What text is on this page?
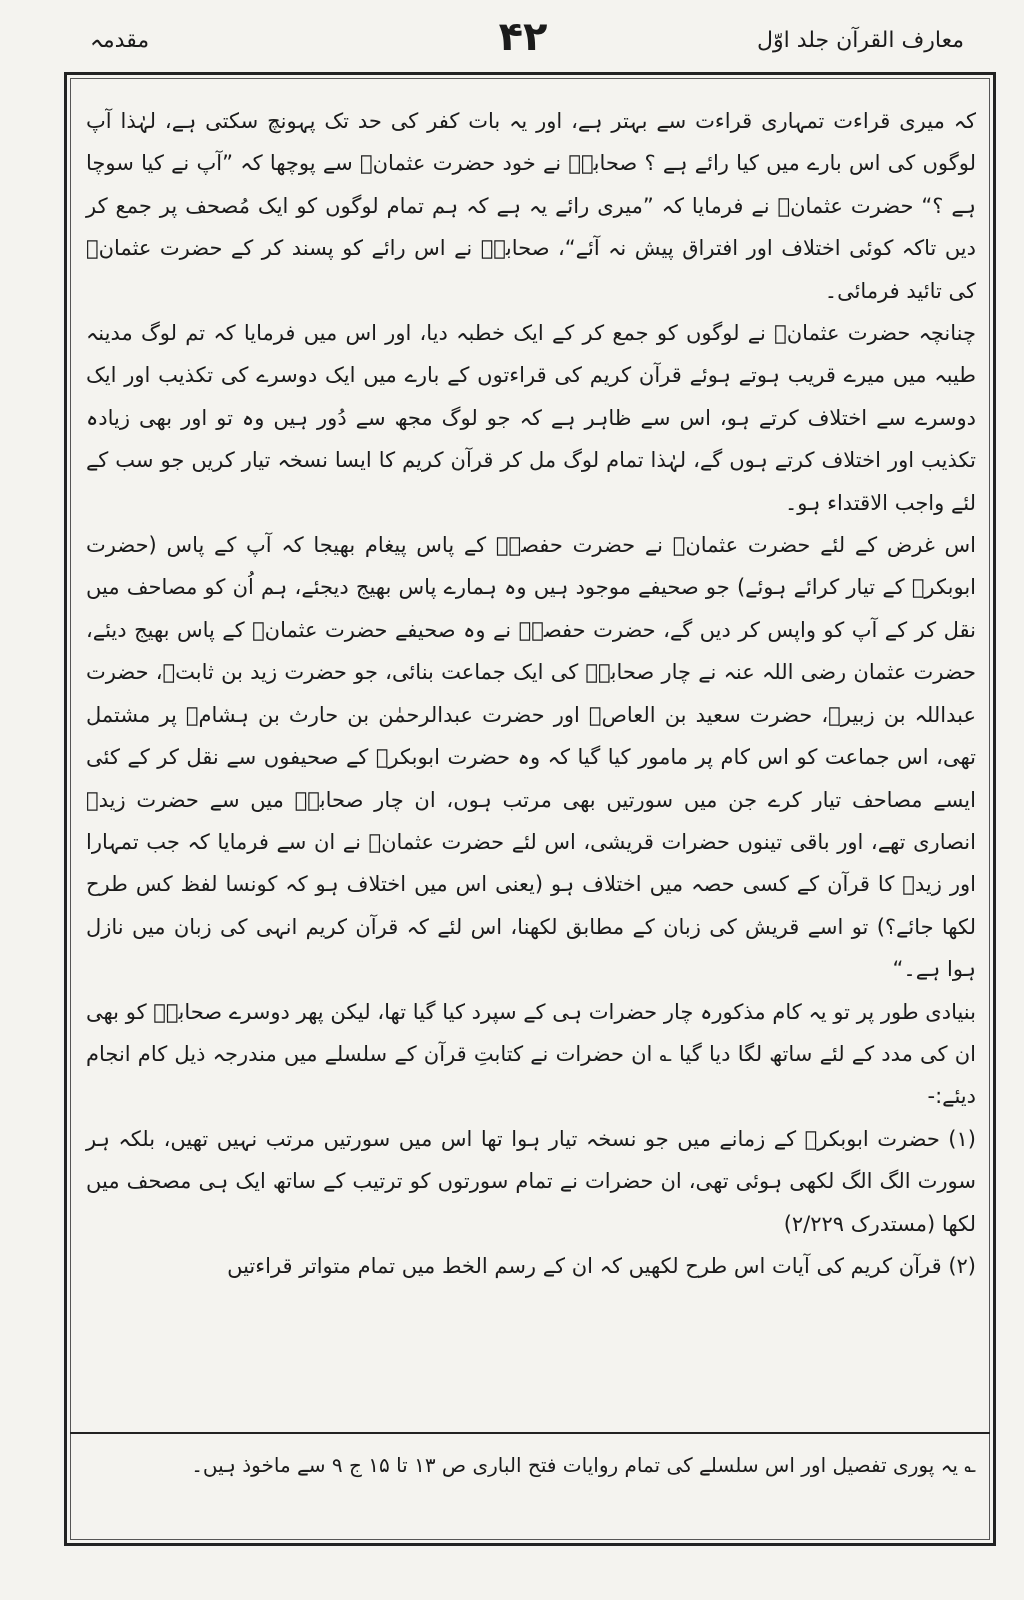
مقدمہ	۴۲	معارف القرآن جلد اوّل

کہ میری قراءت تمہاری قراءت سے بہتر ہے، اور یہ بات کفر کی حد تک پہونچ سکتی ہے، لہٰذا آپ لوگوں کی اس بارے میں کیا رائے ہے ؟ صحابہؓ نے خود حضرت عثمانؓ سے پوچھا کہ ”آپ نے کیا سوچا ہے ؟“ حضرت عثمانؓ نے فرمایا کہ ”میری رائے یہ ہے کہ ہم تمام لوگوں کو ایک مُصحف پر جمع کر دیں تاکہ کوئی اختلاف اور افتراق پیش نہ آئے“، صحابہؓ نے اس رائے کو پسند کر کے حضرت عثمانؓ کی تائید فرمائی۔

چنانچہ حضرت عثمانؓ نے لوگوں کو جمع کر کے ایک خطبہ دیا، اور اس میں فرمایا کہ تم لوگ مدینہ طیبہ میں میرے قریب ہوتے ہوئے قرآن کریم کی قراءتوں کے بارے میں ایک دوسرے کی تکذیب اور ایک دوسرے سے اختلاف کرتے ہو، اس سے ظاہر ہے کہ جو لوگ مجھ سے دُور ہیں وہ تو اور بھی زیادہ تکذیب اور اختلاف کرتے ہوں گے، لہٰذا تمام لوگ مل کر قرآن کریم کا ایسا نسخہ تیار کریں جو سب کے لئے واجب الاقتداء ہو۔

اس غرض کے لئے حضرت عثمانؓ نے حضرت حفصہؓ کے پاس پیغام بھیجا کہ آپ کے پاس (حضرت ابوبکرؓ کے تیار کرائے ہوئے) جو صحیفے موجود ہیں وہ ہمارے پاس بھیج دیجئے، ہم اُن کو مصاحف میں نقل کر کے آپ کو واپس کر دیں گے، حضرت حفصہؓ نے وہ صحیفے حضرت عثمانؓ کے پاس بھیج دیئے، حضرت عثمان رضی اللہ عنہ نے چار صحابہؓ کی ایک جماعت بنائی، جو حضرت زید بن ثابتؓ، حضرت عبداللہ بن زبیرؓ، حضرت سعید بن العاصؓ اور حضرت عبدالرحمٰن بن حارث بن ہشامؓ پر مشتمل تھی، اس جماعت کو اس کام پر مامور کیا گیا کہ وہ حضرت ابوبکرؓ کے صحیفوں سے نقل کر کے کئی ایسے مصاحف تیار کرے جن میں سورتیں بھی مرتب ہوں، ان چار صحابہؓ میں سے حضرت زیدؓ انصاری تھے، اور باقی تینوں حضرات قریشی، اس لئے حضرت عثمانؓ نے ان سے فرمایا کہ جب تمہارا اور زیدؓ کا قرآن کے کسی حصہ میں اختلاف ہو (یعنی اس میں اختلاف ہو کہ کونسا لفظ کس طرح لکھا جائے؟) تو اسے قریش کی زبان کے مطابق لکھنا، اس لئے کہ قرآن کریم انہی کی زبان میں نازل ہوا ہے۔“

بنیادی طور پر تو یہ کام مذکورہ چار حضرات ہی کے سپرد کیا گیا تھا، لیکن پھر دوسرے صحابہؓ کو بھی ان کی مدد کے لئے ساتھ لگا دیا گیا ؎ ان حضرات نے کتابتِ قرآن کے سلسلے میں مندرجہ ذیل کام انجام دیئے:-

(۱) حضرت ابوبکرؓ کے زمانے میں جو نسخہ تیار ہوا تھا اس میں سورتیں مرتب نہیں تھیں، بلکہ ہر سورت الگ الگ لکھی ہوئی تھی، ان حضرات نے تمام سورتوں کو ترتیب کے ساتھ ایک ہی مصحف میں لکھا (مستدرک ۲/۲۲۹)

(۲) قرآن کریم کی آیات اس طرح لکھیں کہ ان کے رسم الخط میں تمام متواتر قراءتیں

؎ یہ پوری تفصیل اور اس سلسلے کی تمام روایات فتح الباری ص ۱۳ تا ۱۵ ج ۹ سے ماخوذ ہیں۔
